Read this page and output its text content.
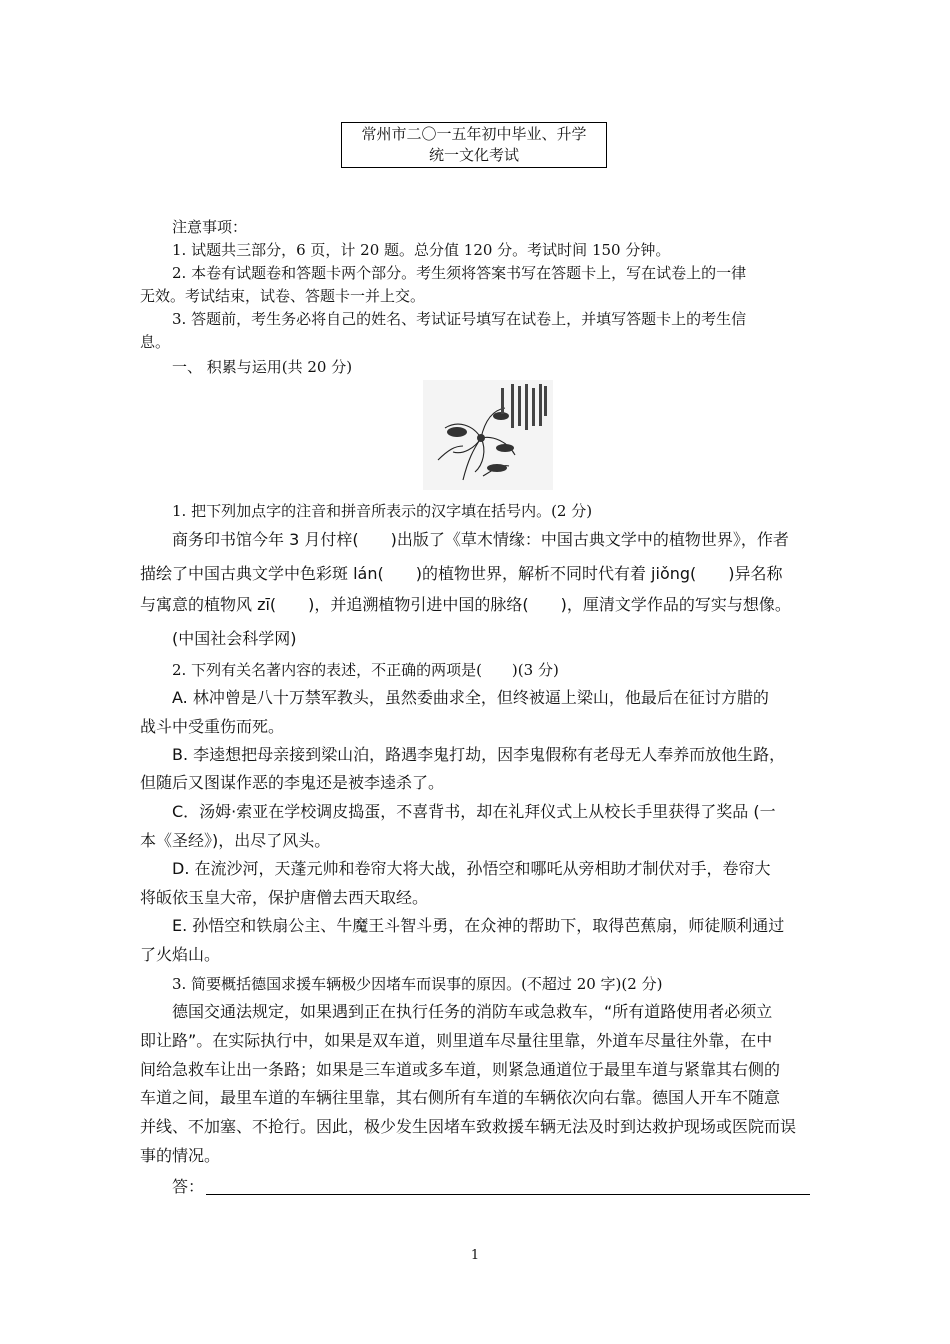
常州市二〇一五年初中毕业、升学
统一文化考试
注意事项：
1. 试题共三部分，6 页，计 20 题。总分值 120 分。考试时间 150 分钟。
2. 本卷有试题卷和答题卡两个部分。考生须将答案书写在答题卡上，写在试卷上的一律
无效。考试结束，试卷、答题卡一并上交。
3. 答题前，考生务必将自己的姓名、考试证号填写在试卷上，并填写答题卡上的考生信
息。
一、 积累与运用(共 20 分)
1. 把下列加点字的注音和拼音所表示的汉字填在括号内。(2 分)
商务印书馆今年 3 月付梓(　　)出版了《草木情缘：中国古典文学中的植物世界》，作者
描绘了中国古典文学中色彩斑 lán(　　)的植物世界，解析不同时代有着 jiǒng(　　)异名称
与寓意的植物风 zī(　　)，并追溯植物引进中国的脉络(　　)，厘清文学作品的写实与想像。
(中国社会科学网)
2. 下列有关名著内容的表述，不正确的两项是(　　)(3 分)
A. 林冲曾是八十万禁军教头，虽然委曲求全，但终被逼上梁山，他最后在征讨方腊的
战斗中受重伤而死。
B. 李逵想把母亲接到梁山泊，路遇李鬼打劫，因李鬼假称有老母无人奉养而放他生路，
但随后又图谋作恶的李鬼还是被李逵杀了。
C．汤姆·索亚在学校调皮捣蛋，不喜背书，却在礼拜仪式上从校长手里获得了奖品 (一
本《圣经》)，出尽了风头。
D. 在流沙河，天蓬元帅和卷帘大将大战，孙悟空和哪吒从旁相助才制伏对手，卷帘大
将皈依玉皇大帝，保护唐僧去西天取经。
E. 孙悟空和铁扇公主、牛魔王斗智斗勇，在众神的帮助下，取得芭蕉扇，师徒顺利通过
了火焰山。
3. 简要概括德国求援车辆极少因堵车而误事的原因。(不超过 20 字)(2 分)
德国交通法规定，如果遇到正在执行任务的消防车或急救车，“所有道路使用者必须立
即让路”。在实际执行中，如果是双车道，则里道车尽量往里靠，外道车尽量往外靠，在中
间给急救车让出一条路；如果是三车道或多车道，则紧急通道位于最里车道与紧靠其右侧的
车道之间，最里车道的车辆往里靠，其右侧所有车道的车辆依次向右靠。德国人开车不随意
并线、不加塞、不抢行。因此，极少发生因堵车致救援车辆无法及时到达救护现场或医院而误
事的情况。
答：
1
